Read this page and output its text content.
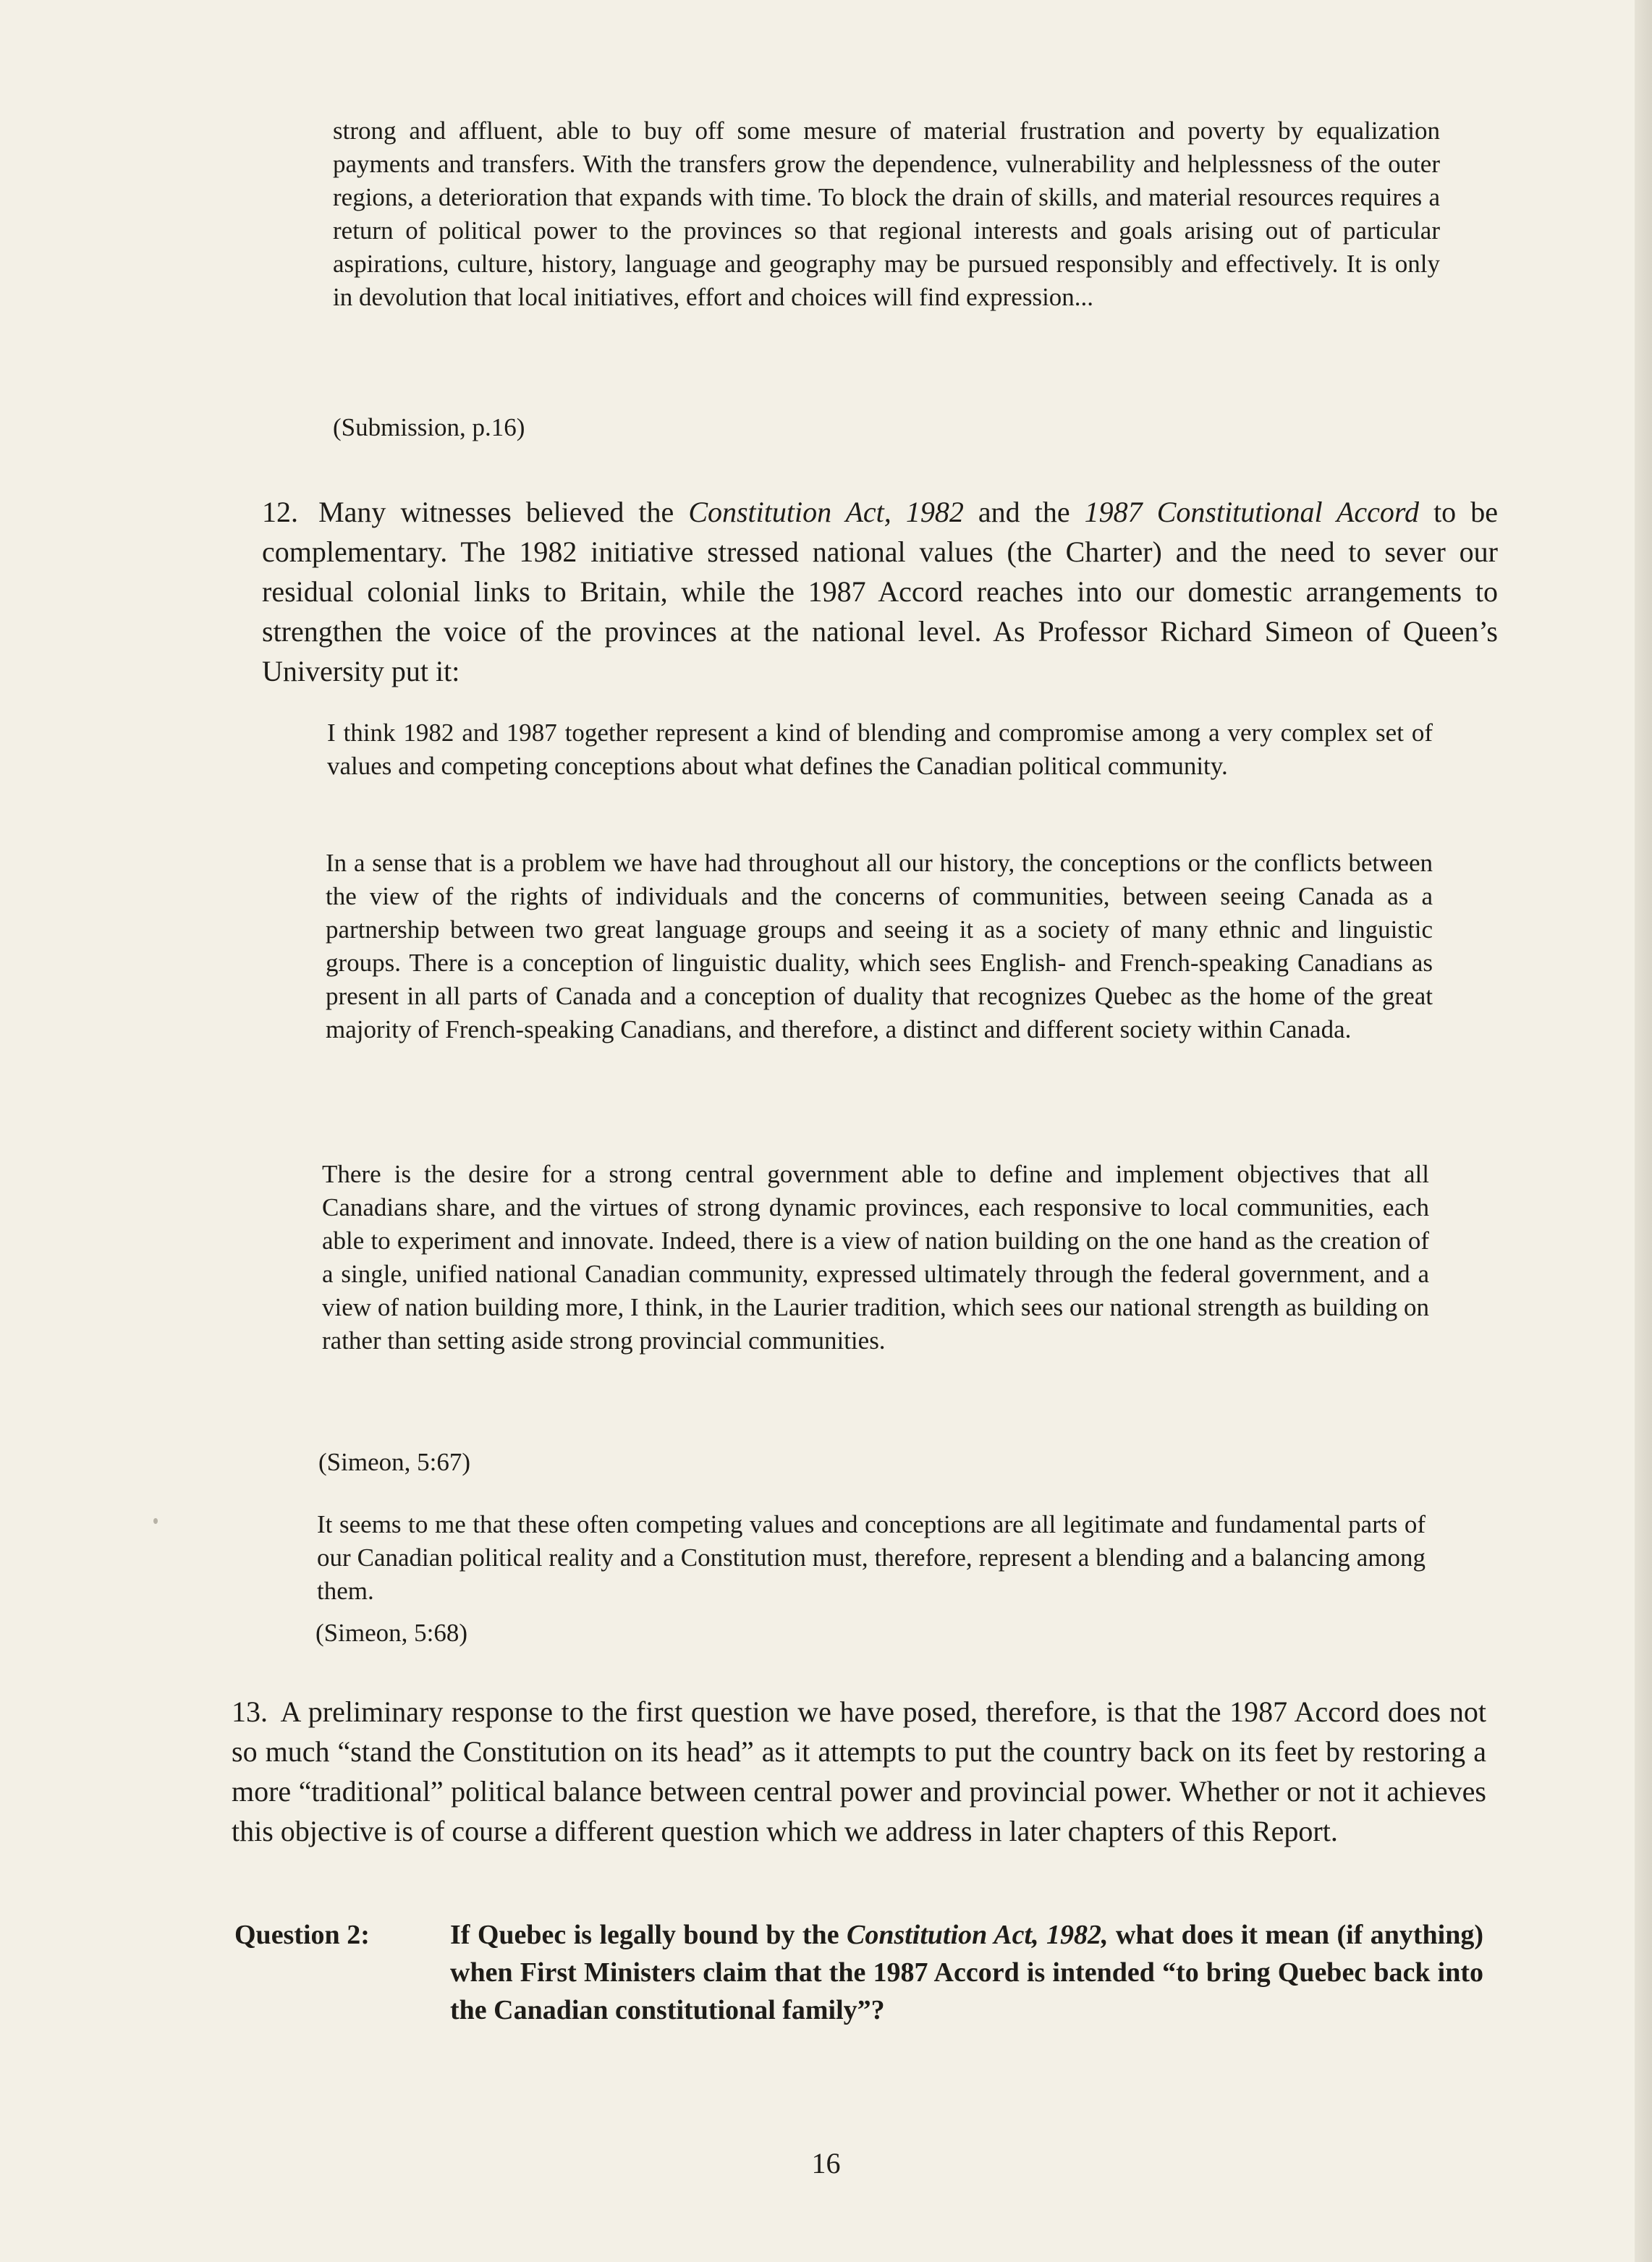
strong and affluent, able to buy off some mesure of material frustration and poverty by equalization payments and transfers. With the transfers grow the dependence, vulnerability and helplessness of the outer regions, a deterioration that expands with time. To block the drain of skills, and material resources requires a return of political power to the provinces so that regional interests and goals arising out of particular aspirations, culture, history, language and geography may be pursued responsibly and effectively. It is only in devolution that local initiatives, effort and choices will find expression...

(Submission, p.16)

12. Many witnesses believed the Constitution Act, 1982 and the 1987 Constitutional Accord to be complementary. The 1982 initiative stressed national values (the Charter) and the need to sever our residual colonial links to Britain, while the 1987 Accord reaches into our domestic arrangements to strengthen the voice of the provinces at the national level. As Professor Richard Simeon of Queen’s University put it:

I think 1982 and 1987 together represent a kind of blending and compromise among a very complex set of values and competing conceptions about what defines the Canadian political community.

In a sense that is a problem we have had throughout all our history, the conceptions or the conflicts between the view of the rights of individuals and the concerns of communities, between seeing Canada as a partnership between two great language groups and seeing it as a society of many ethnic and linguistic groups. There is a conception of linguistic duality, which sees English- and French-speaking Canadians as present in all parts of Canada and a conception of duality that recognizes Quebec as the home of the great majority of French-speaking Canadians, and therefore, a distinct and different society within Canada.

There is the desire for a strong central government able to define and implement objectives that all Canadians share, and the virtues of strong dynamic provinces, each responsive to local communities, each able to experiment and innovate. Indeed, there is a view of nation building on the one hand as the creation of a single, unified national Canadian community, expressed ultimately through the federal government, and a view of nation building more, I think, in the Laurier tradition, which sees our national strength as building on rather than setting aside strong provincial communities.

(Simeon, 5:67)

It seems to me that these often competing values and conceptions are all legitimate and fundamental parts of our Canadian political reality and a Constitution must, therefore, represent a blending and a balancing among them.

(Simeon, 5:68)

13. A preliminary response to the first question we have posed, therefore, is that the 1987 Accord does not so much “stand the Constitution on its head” as it attempts to put the country back on its feet by restoring a more “traditional” political balance between central power and provincial power. Whether or not it achieves this objective is of course a different question which we address in later chapters of this Report.

Question 2:	If Quebec is legally bound by the Constitution Act, 1982, what does it mean (if anything) when First Ministers claim that the 1987 Accord is intended “to bring Quebec back into the Canadian constitutional family”?

16
